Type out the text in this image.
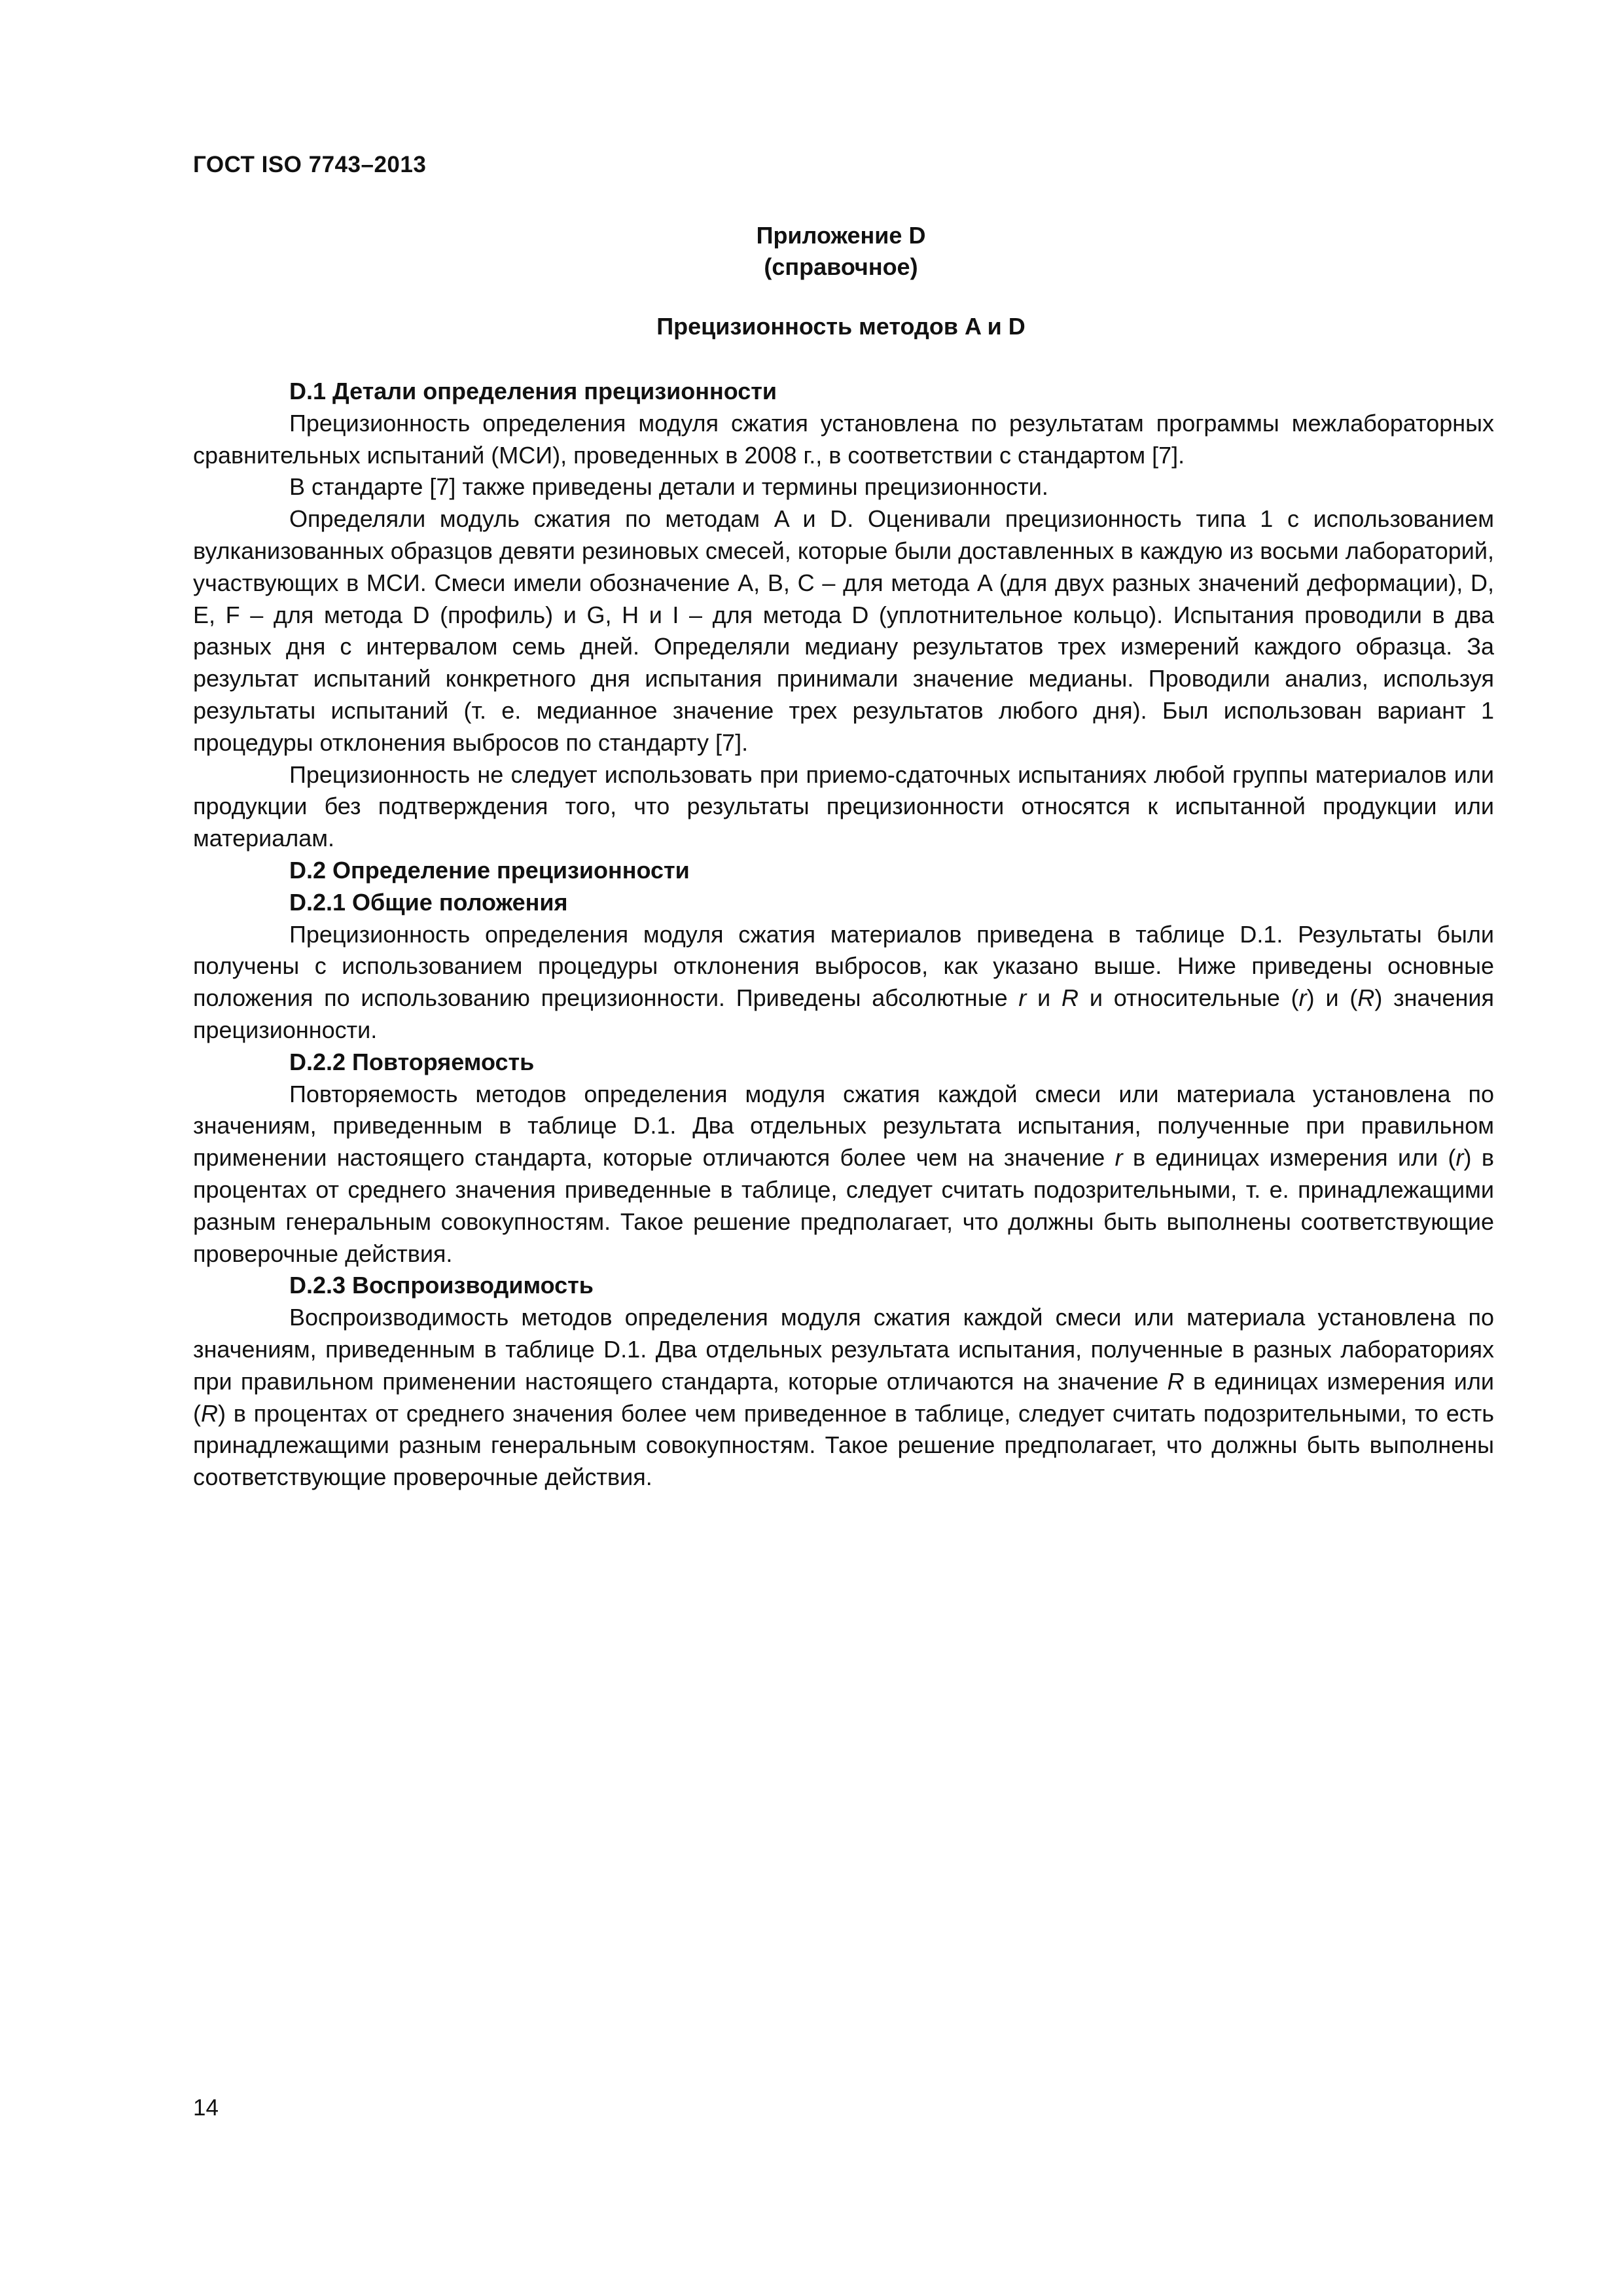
ГОСТ ISO 7743–2013
Приложение D
(справочное)
Прецизионность методов A и D
D.1 Детали определения прецизионности

Прецизионность определения модуля сжатия установлена по результатам программы межлабораторных сравнительных испытаний (МСИ), проведенных в 2008 г., в соответствии с стандартом [7].

В стандарте [7] также приведены детали и термины прецизионности.

Определяли модуль сжатия по методам A и D. Оценивали прецизионность типа 1 с использованием вулканизованных образцов девяти резиновых смесей, которые были доставленных в каждую из восьми лабораторий, участвующих в МСИ. Смеси имели обозначение A, B, C – для метода A (для двух разных значений деформации), D, E, F – для метода D (профиль) и G, H и I – для метода D (уплотнительное кольцо). Испытания проводили в два разных дня с интервалом семь дней. Определяли медиану результатов трех измерений каждого образца. За результат испытаний конкретного дня испытания принимали значение медианы. Проводили анализ, используя результаты испытаний (т. е. медианное значение трех результатов любого дня). Был использован вариант 1 процедуры отклонения выбросов по стандарту [7].

Прецизионность не следует использовать при приемо-сдаточных испытаниях любой группы материалов или продукции без подтверждения того, что результаты прецизионности относятся к испытанной продукции или материалам.

D.2 Определение прецизионности
D.2.1 Общие положения

Прецизионность определения модуля сжатия материалов приведена в таблице D.1. Результаты были получены с использованием процедуры отклонения выбросов, как указано выше. Ниже приведены основные положения по использованию прецизионности. Приведены абсолютные r и R и относительные (r) и (R) значения прецизионности.

D.2.2 Повторяемость

Повторяемость методов определения модуля сжатия каждой смеси или материала установлена по значениям, приведенным в таблице D.1. Два отдельных результата испытания, полученные при правильном применении настоящего стандарта, которые отличаются более чем на значение r в единицах измерения или (r) в процентах от среднего значения приведенные в таблице, следует считать подозрительными, т. е. принадлежащими разным генеральным совокупностям. Такое решение предполагает, что должны быть выполнены соответствующие проверочные действия.

D.2.3 Воспроизводимость

Воспроизводимость методов определения модуля сжатия каждой смеси или материала установлена по значениям, приведенным в таблице D.1. Два отдельных результата испытания, полученные в разных лабораториях при правильном применении настоящего стандарта, которые отличаются на значение R в единицах измерения или (R) в процентах от среднего значения более чем приведенное в таблице, следует считать подозрительными, то есть принадлежащими разным генеральным совокупностям. Такое решение предполагает, что должны быть выполнены соответствующие проверочные действия.

14
